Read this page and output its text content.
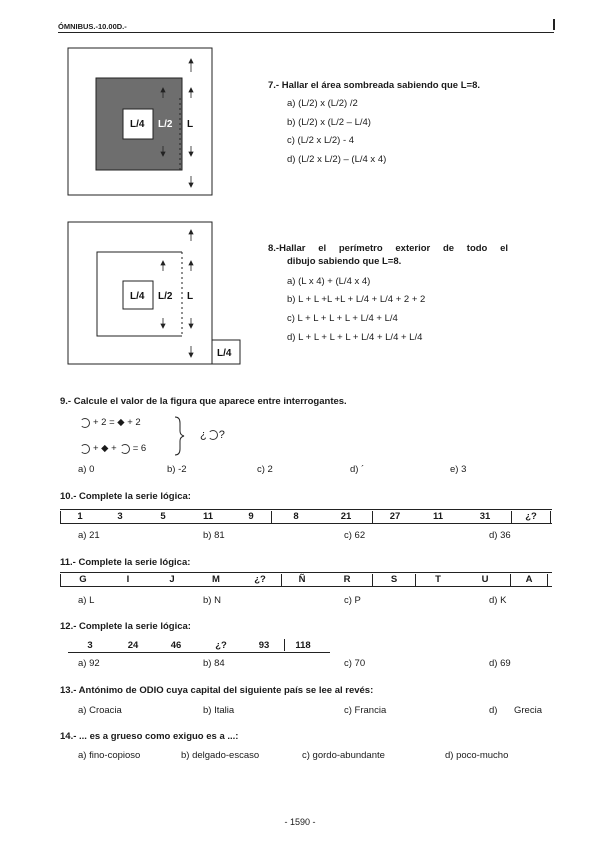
ÓMNIBUS.-10.00D.-
L/4 L/2 L
7.- Hallar el área sombreada sabiendo que L=8.
a) (L/2) x (L/2) /2
b) (L/2) x (L/2 – L/4)
c) (L/2 x L/2) - 4
d) (L/2 x L/2) – (L/4 x 4)
L/4 L/2 L
L/4
8.-Hallar el perímetro exterior de todo el
dibujo sabiendo que L=8.
a) (L x 4) + (L/4 x 4)
b) L + L +L +L + L/4 + L/4 + 2 + 2
c) L + L + L + L + L/4 + L/4
d) L + L + L + L + L/4 + L/4 + L/4
9.- Calcule el valor de la figura que aparece entre interrogantes.
+ 2 = ◆ + 2
+ ◆ + = 6
¿ ?
a) 0	b) -2	c) 2	d) ´	e) 3
10.- Complete la serie lógica:
1	3	5	11	9	8	21	27	11	31	¿?
a) 21	b) 81	c) 62	d) 36
11.- Complete la serie lógica:
G	I	J	M	¿?	Ñ	R	S	T	U	A
a) L	b) N	c) P	d) K
12.- Complete la serie lógica:
3	24	46	¿?	93	118
a) 92	b) 84	c) 70	d) 69
13.- Antónimo de ODIO cuya capital del siguiente país se lee al revés:
a) Croacia	b) Italia	c) Francia	d) Grecia
14.- ... es a grueso como exiguo es a ...:
a) fino-copioso	b) delgado-escaso	c) gordo-abundante	d) poco-mucho
- 1590 -
